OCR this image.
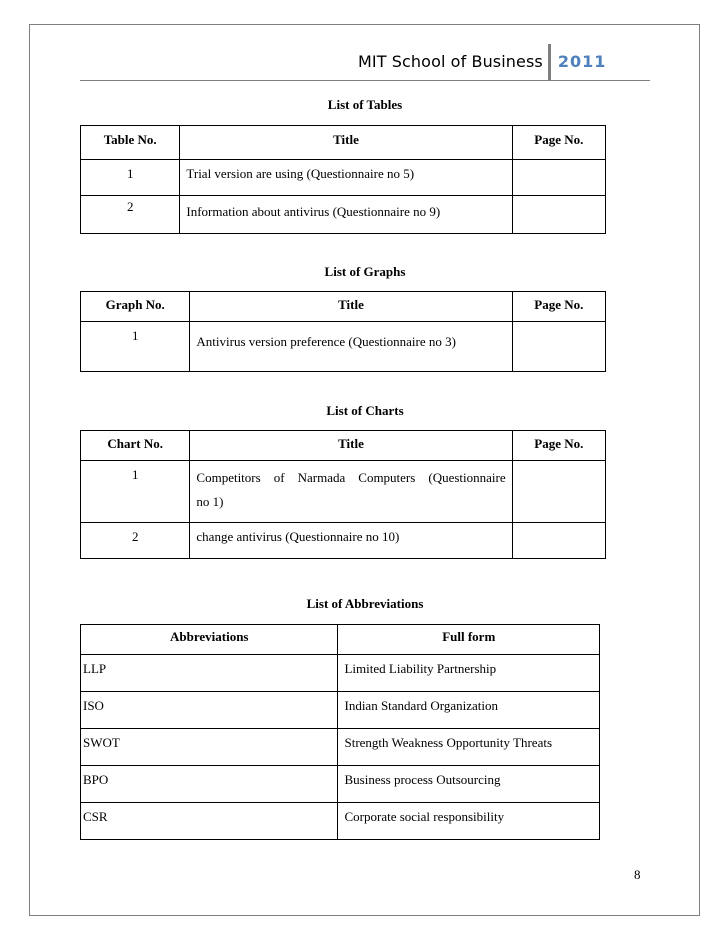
MIT School of Business 2011
List of Tables
Table No.	Title	Page No.
1	Trial version are using (Questionnaire no 5)	
2	Information about antivirus (Questionnaire no 9)	
List of Graphs
Graph No.	Title	Page No.
1	Antivirus version preference (Questionnaire no 3)	
List of Charts
Chart No.	Title	Page No.
1	Competitors of Narmada Computers (Questionnaire
no 1)	

2	change antivirus (Questionnaire no 10)	
List of Abbreviations
Abbreviations	Full form
LLP	Limited Liability Partnership
ISO	Indian Standard Organization
SWOT	Strength Weakness Opportunity Threats
BPO	Business process Outsourcing
CSR	Corporate social responsibility
8
